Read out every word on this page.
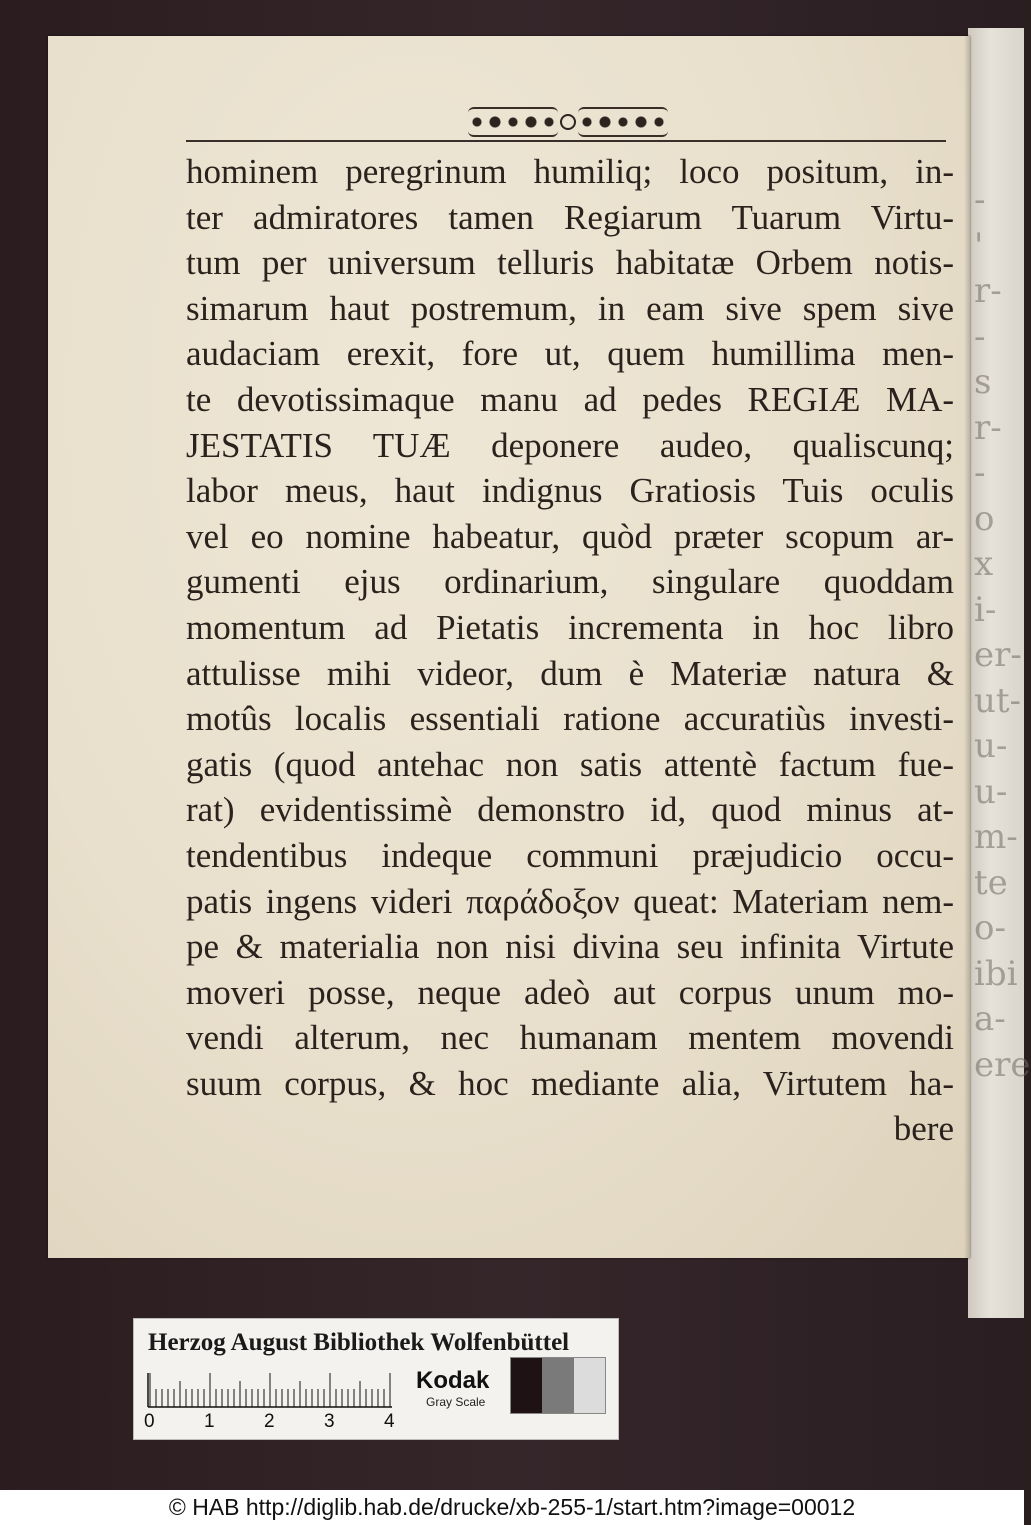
-
'
r-
-
s
r-
-
o
x
i-
er-
ut-
u-
u-
m-
te
o-
ibi
a-
ere
hominem peregrinum humiliq; loco positum, in-
ter admiratores tamen Regiarum Tuarum Virtu-
tum per universum telluris habitatæ Orbem notis-
simarum haut postremum, in eam sive spem sive
audaciam erexit, fore ut, quem humillima men-
te devotissimaque manu ad pedes REGIÆ MA-
JESTATIS TUÆ deponere audeo, qualiscunq;
labor meus, haut indignus Gratiosis Tuis oculis
vel eo nomine habeatur, quòd præter scopum ar-
gumenti ejus ordinarium, singulare quoddam
momentum ad Pietatis incrementa in hoc libro
attulisse mihi videor, dum è Materiæ natura &
motûs localis essentiali ratione accuratiùs investi-
gatis (quod antehac non satis attentè factum fue-
rat) evidentissimè demonstro id, quod minus at-
tendentibus indeque communi præjudicio occu-
patis ingens videri παράδοξον queat: Materiam nem-
pe & materialia non nisi divina seu infinita Virtute
moveri posse, neque adeò aut corpus unum mo-
vendi alterum, nec humanam mentem movendi
suum corpus, & hoc mediante alia, Virtutem ha-
bere
Herzog August Bibliothek Wolfenbüttel
0	1	2	3	4
Kodak
Gray Scale
© HAB http://diglib.hab.de/drucke/xb-255-1/start.htm?image=00012
